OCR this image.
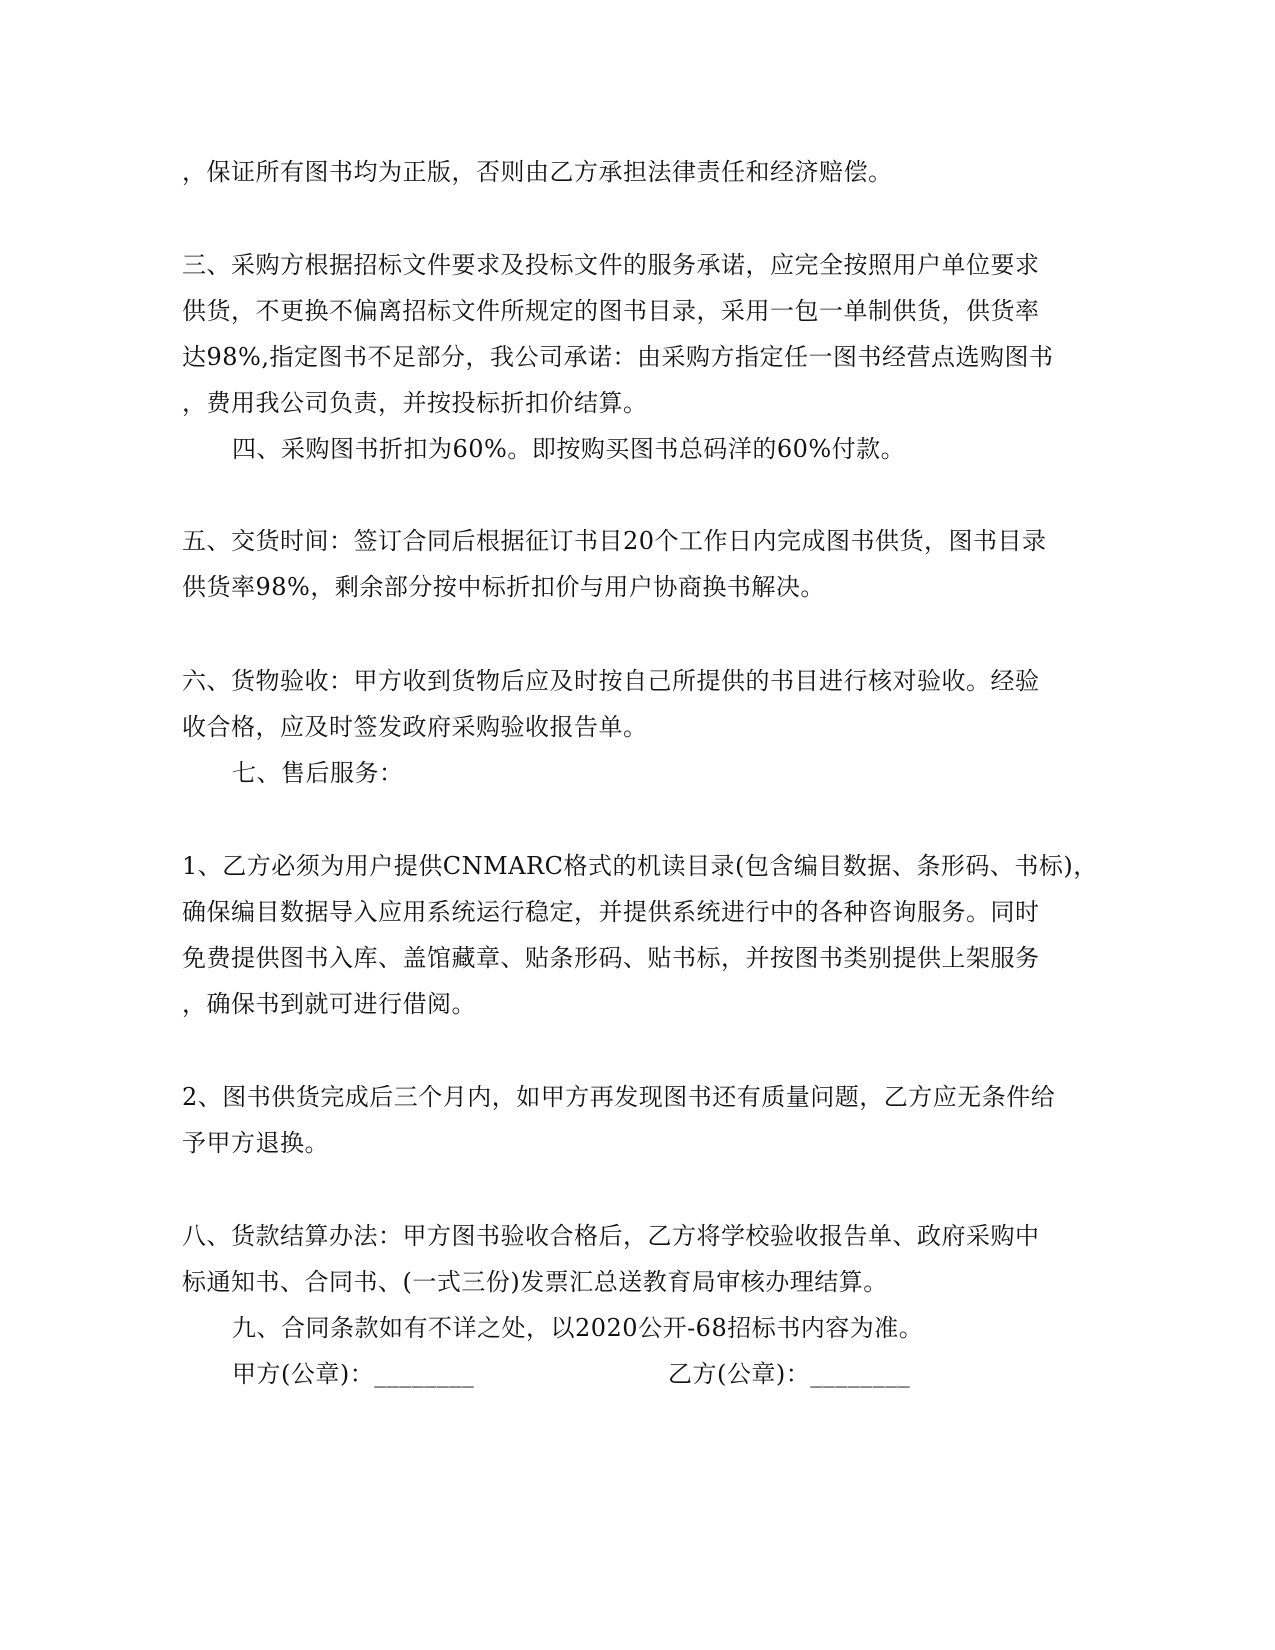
，保证所有图书均为正版，否则由乙方承担法律责任和经济赔偿。
三、采购方根据招标文件要求及投标文件的服务承诺，应完全按照用户单位要求
供货，不更换不偏离招标文件所规定的图书目录，采用一包一单制供货，供货率
达98%,指定图书不足部分，我公司承诺：由采购方指定任一图书经营点选购图书
，费用我公司负责，并按投标折扣价结算。
四、采购图书折扣为60%。即按购买图书总码洋的60%付款。
五、交货时间：签订合同后根据征订书目20个工作日内完成图书供货，图书目录
供货率98%，剩余部分按中标折扣价与用户协商换书解决。
六、货物验收：甲方收到货物后应及时按自己所提供的书目进行核对验收。经验
收合格，应及时签发政府采购验收报告单。
七、售后服务：
1、乙方必须为用户提供CNMARC格式的机读目录(包含编目数据、条形码、书标)，
确保编目数据导入应用系统运行稳定，并提供系统进行中的各种咨询服务。同时
免费提供图书入库、盖馆藏章、贴条形码、贴书标，并按图书类别提供上架服务
，确保书到就可进行借阅。
2、图书供货完成后三个月内，如甲方再发现图书还有质量问题，乙方应无条件给
予甲方退换。
八、货款结算办法：甲方图书验收合格后，乙方将学校验收报告单、政府采购中
标通知书、合同书、(一式三份)发票汇总送教育局审核办理结算。
九、合同条款如有不详之处，以2020公开-68招标书内容为准。
甲方(公章)：________	乙方(公章)：________
